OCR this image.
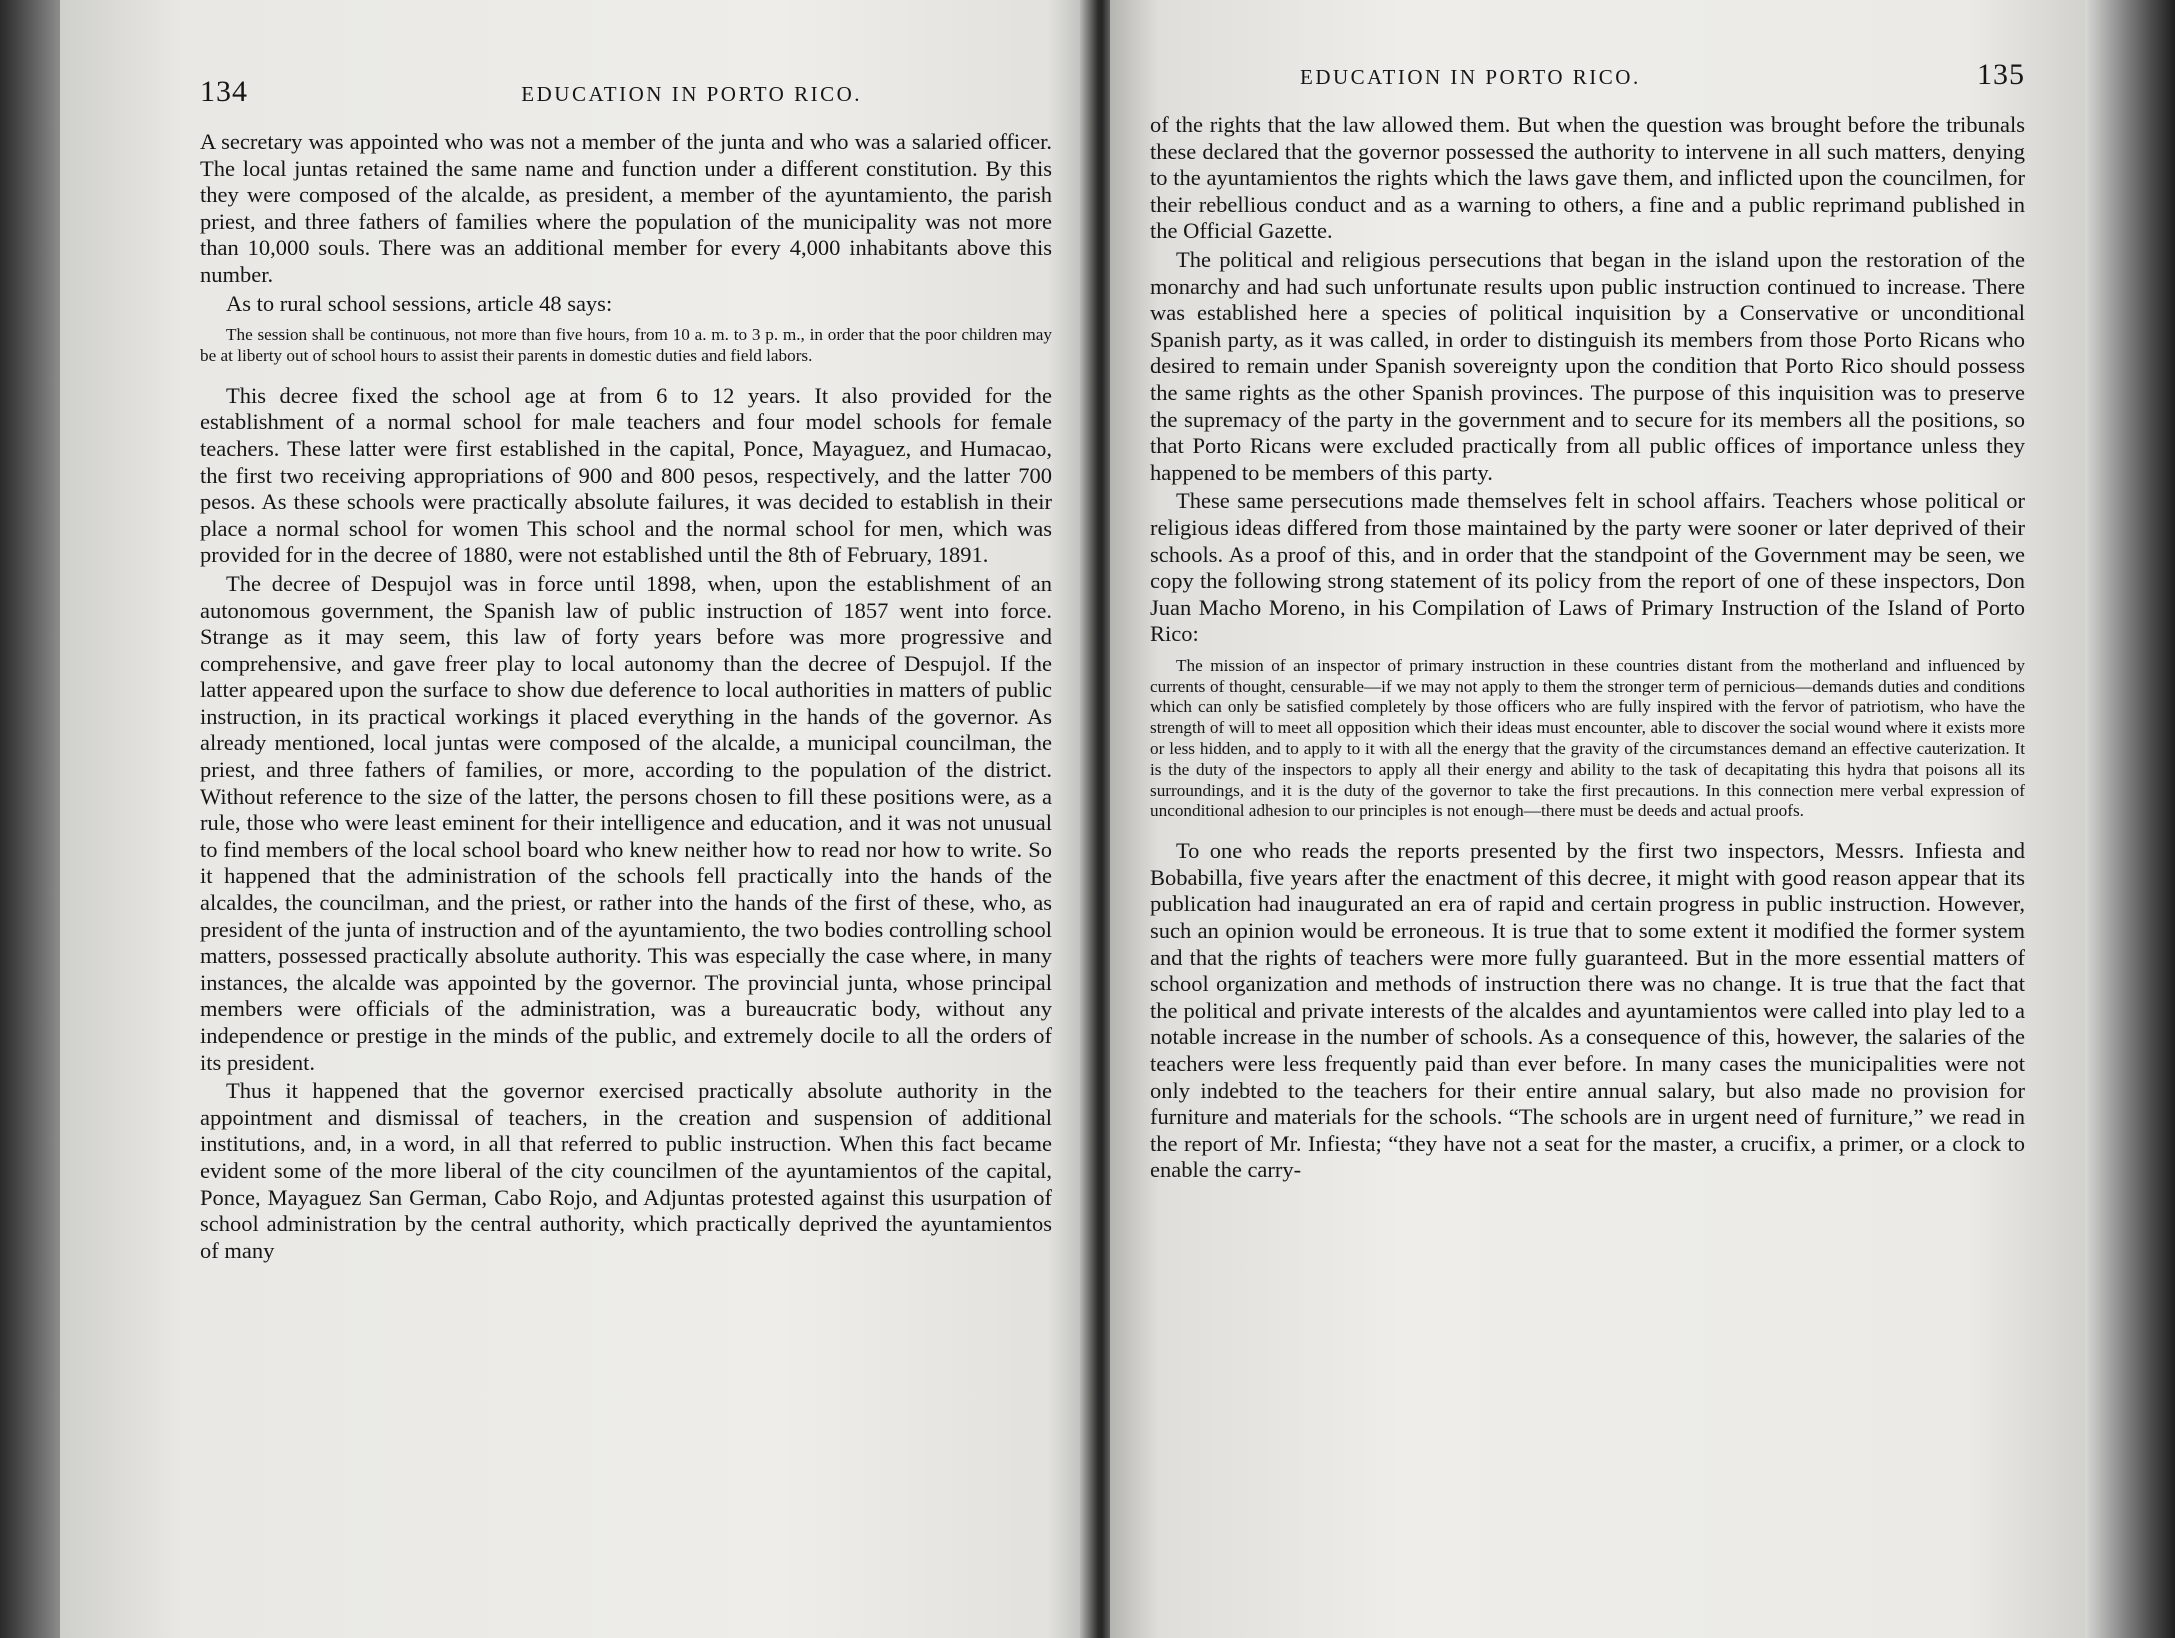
134	EDUCATION IN PORTO RICO.

A secretary was appointed who was not a member of the junta and who was a salaried officer. The local juntas retained the same name and function under a different constitution. By this they were composed of the alcalde, as president, a member of the ayuntamiento, the parish priest, and three fathers of families where the population of the municipality was not more than 10,000 souls. There was an additional member for every 4,000 inhabitants above this number.

As to rural school sessions, article 48 says:

The session shall be continuous, not more than five hours, from 10 a. m. to 3 p. m., in order that the poor children may be at liberty out of school hours to assist their parents in domestic duties and field labors.

This decree fixed the school age at from 6 to 12 years. It also provided for the establishment of a normal school for male teachers and four model schools for female teachers. These latter were first established in the capital, Ponce, Mayaguez, and Humacao, the first two receiving appropriations of 900 and 800 pesos, respectively, and the latter 700 pesos. As these schools were practically absolute failures, it was decided to establish in their place a normal school for women This school and the normal school for men, which was provided for in the decree of 1880, were not established until the 8th of February, 1891.

The decree of Despujol was in force until 1898, when, upon the establishment of an autonomous government, the Spanish law of public instruction of 1857 went into force. Strange as it may seem, this law of forty years before was more progressive and comprehensive, and gave freer play to local autonomy than the decree of Despujol. If the latter appeared upon the surface to show due deference to local authorities in matters of public instruction, in its practical workings it placed everything in the hands of the governor. As already mentioned, local juntas were composed of the alcalde, a municipal councilman, the priest, and three fathers of families, or more, according to the population of the district. Without reference to the size of the latter, the persons chosen to fill these positions were, as a rule, those who were least eminent for their intelligence and education, and it was not unusual to find members of the local school board who knew neither how to read nor how to write. So it happened that the administration of the schools fell practically into the hands of the alcaldes, the councilman, and the priest, or rather into the hands of the first of these, who, as president of the junta of instruction and of the ayuntamiento, the two bodies controlling school matters, possessed practically absolute authority. This was especially the case where, in many instances, the alcalde was appointed by the governor. The provincial junta, whose principal members were officials of the administration, was a bureaucratic body, without any independence or prestige in the minds of the public, and extremely docile to all the orders of its president.

Thus it happened that the governor exercised practically absolute authority in the appointment and dismissal of teachers, in the creation and suspension of additional institutions, and, in a word, in all that referred to public instruction. When this fact became evident some of the more liberal of the city councilmen of the ayuntamientos of the capital, Ponce, Mayaguez San German, Cabo Rojo, and Adjuntas protested against this usurpation of school administration by the central authority, which practically deprived the ayuntamientos of many

EDUCATION IN PORTO RICO.	135

of the rights that the law allowed them. But when the question was brought before the tribunals these declared that the governor possessed the authority to intervene in all such matters, denying to the ayuntamientos the rights which the laws gave them, and inflicted upon the councilmen, for their rebellious conduct and as a warning to others, a fine and a public reprimand published in the Official Gazette.

The political and religious persecutions that began in the island upon the restoration of the monarchy and had such unfortunate results upon public instruction continued to increase. There was established here a species of political inquisition by a Conservative or unconditional Spanish party, as it was called, in order to distinguish its members from those Porto Ricans who desired to remain under Spanish sovereignty upon the condition that Porto Rico should possess the same rights as the other Spanish provinces. The purpose of this inquisition was to preserve the supremacy of the party in the government and to secure for its members all the positions, so that Porto Ricans were excluded practically from all public offices of importance unless they happened to be members of this party.

These same persecutions made themselves felt in school affairs. Teachers whose political or religious ideas differed from those maintained by the party were sooner or later deprived of their schools. As a proof of this, and in order that the standpoint of the Government may be seen, we copy the following strong statement of its policy from the report of one of these inspectors, Don Juan Macho Moreno, in his Compilation of Laws of Primary Instruction of the Island of Porto Rico:

The mission of an inspector of primary instruction in these countries distant from the motherland and influenced by currents of thought, censurable—if we may not apply to them the stronger term of pernicious—demands duties and conditions which can only be satisfied completely by those officers who are fully inspired with the fervor of patriotism, who have the strength of will to meet all opposition which their ideas must encounter, able to discover the social wound where it exists more or less hidden, and to apply to it with all the energy that the gravity of the circumstances demand an effective cauterization. It is the duty of the inspectors to apply all their energy and ability to the task of decapitating this hydra that poisons all its surroundings, and it is the duty of the governor to take the first precautions. In this connection mere verbal expression of unconditional adhesion to our principles is not enough—there must be deeds and actual proofs.

To one who reads the reports presented by the first two inspectors, Messrs. Infiesta and Bobabilla, five years after the enactment of this decree, it might with good reason appear that its publication had inaugurated an era of rapid and certain progress in public instruction. However, such an opinion would be erroneous. It is true that to some extent it modified the former system and that the rights of teachers were more fully guaranteed. But in the more essential matters of school organization and methods of instruction there was no change. It is true that the fact that the political and private interests of the alcaldes and ayuntamientos were called into play led to a notable increase in the number of schools. As a consequence of this, however, the salaries of the teachers were less frequently paid than ever before. In many cases the municipalities were not only indebted to the teachers for their entire annual salary, but also made no provision for furniture and materials for the schools. “The schools are in urgent need of furniture,” we read in the report of Mr. Infiesta; “they have not a seat for the master, a crucifix, a primer, or a clock to enable the carry-
